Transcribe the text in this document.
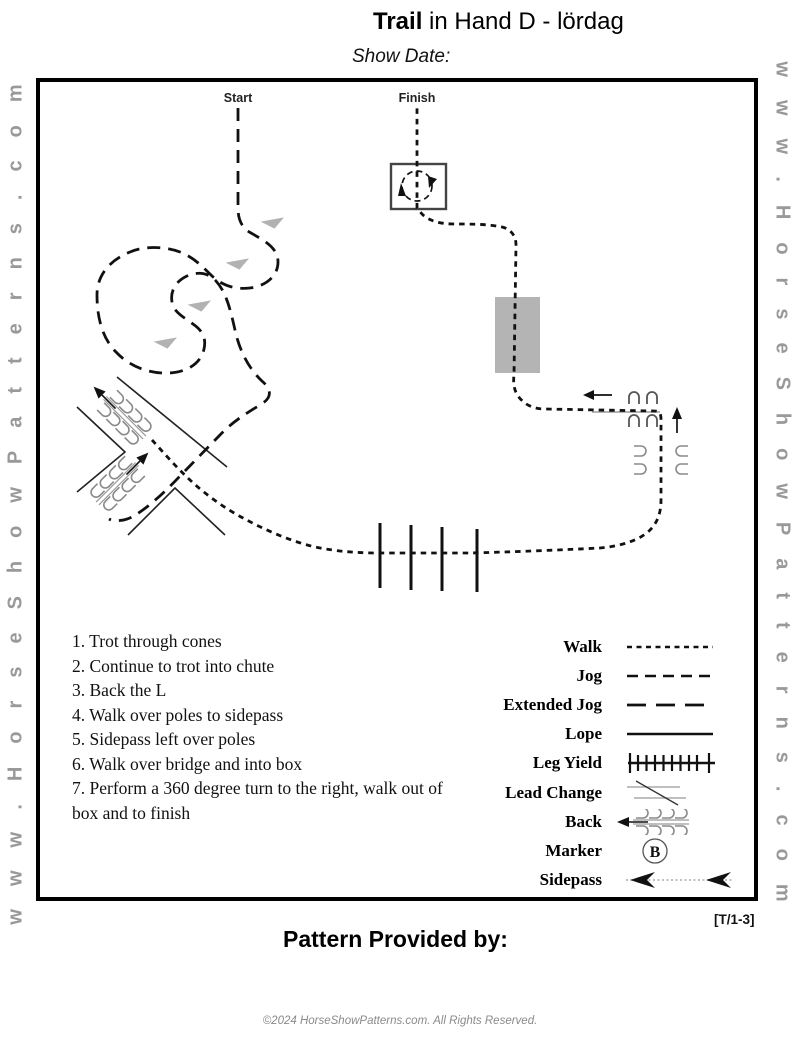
Trail in Hand D - lördag
Show Date:
www.HorseShowPatterns.com	www.HorseShowPatterns.com
Start	Finish
1. Trot through cones
2. Continue to trot into chute
3. Back the L
4. Walk over poles to sidepass
5. Sidepass left over poles
6. Walk over bridge and into box
7. Perform a 360 degree turn to the right, walk out of box and to finish
Walk
Jog
Extended Jog
Lope
Leg Yield
Lead Change
Back
Marker	B
Sidepass
[T/1-3]
Pattern Provided by:
©2024 HorseShowPatterns.com. All Rights Reserved.
